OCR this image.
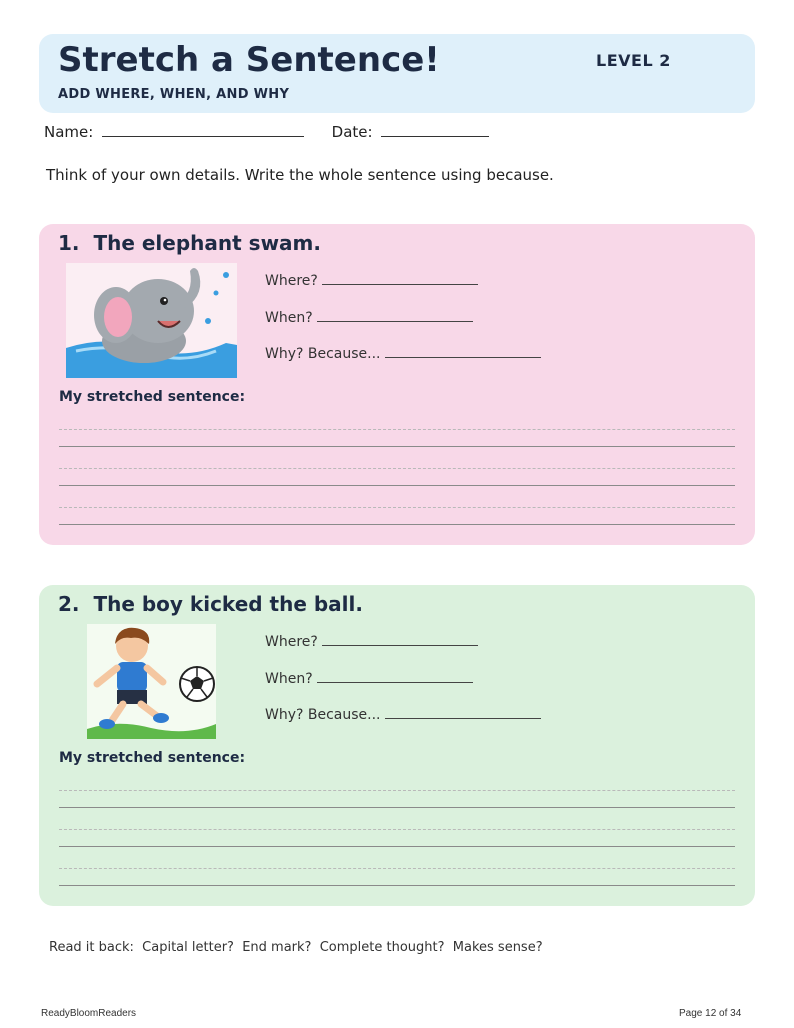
Stretch a Sentence!	LEVEL 2
ADD WHERE, WHEN, AND WHY
Name:	Date:
Think of your own details. Write the whole sentence using because.
1. The elephant swam.
Where?
When?
Why? Because...
My stretched sentence:
2. The boy kicked the ball.
Where?
When?
Why? Because...
My stretched sentence:
Read it back:  Capital letter?  End mark?  Complete thought?  Makes sense?
ReadyBloomReaders	Page 12 of 34
